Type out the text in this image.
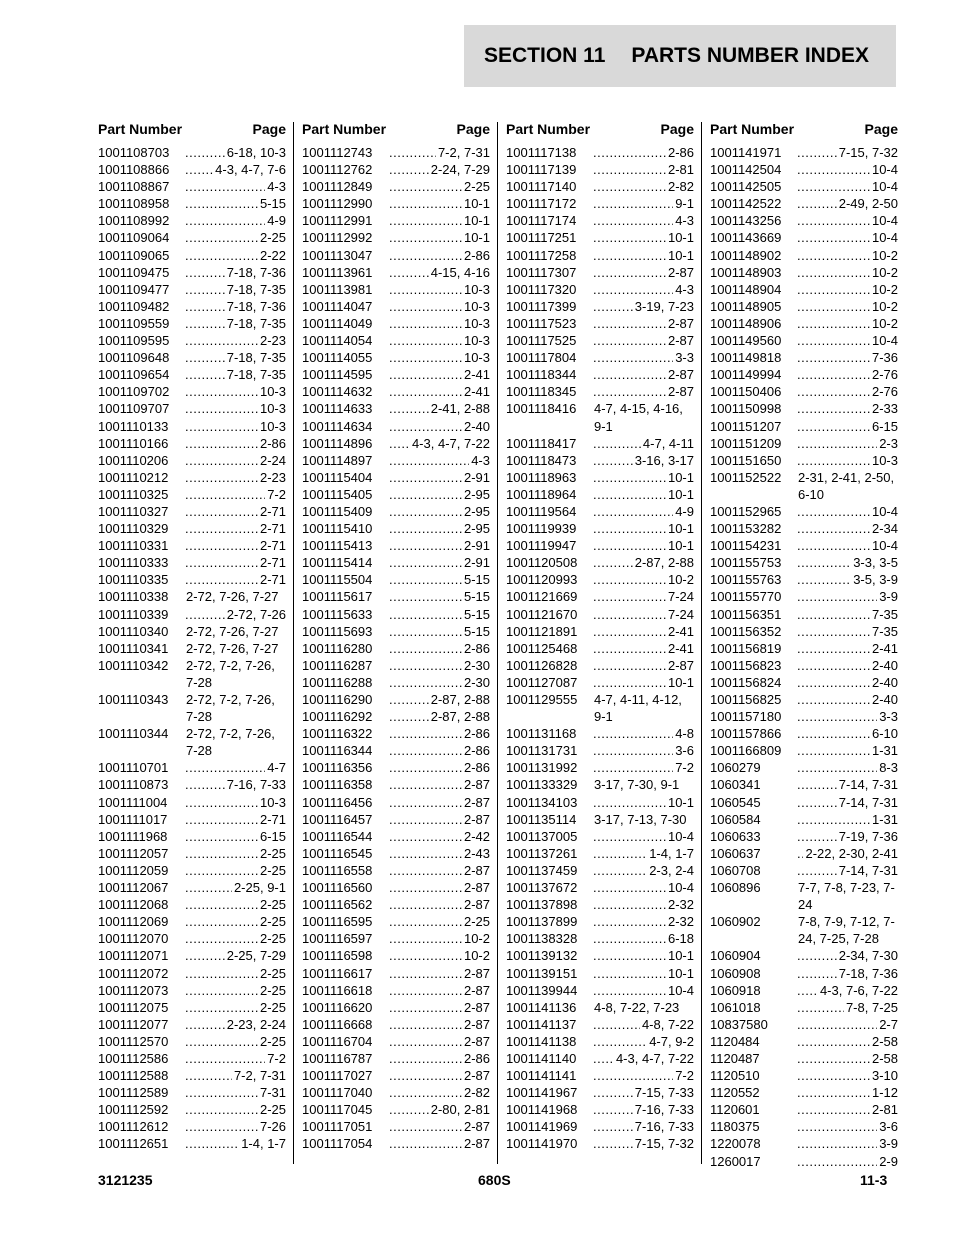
SECTION 11 PARTS NUMBER INDEX
Part Number	Page
1001108703	..... 6-18, 10-3
1001108866	..... 4-3, 4-7, 7-6
1001108867	..... 4-3
1001108958	..... 5-15
1001108992	..... 4-9
1001109064	..... 2-25
1001109065	..... 2-22
1001109475	..... 7-18, 7-36
1001109477	..... 7-18, 7-35
1001109482	..... 7-18, 7-36
1001109559	..... 7-18, 7-35
1001109595	..... 2-23
1001109648	..... 7-18, 7-35
1001109654	..... 7-18, 7-35
1001109702	..... 10-3
1001109707	..... 10-3
1001110133	..... 10-3
1001110166	..... 2-86
1001110206	..... 2-24
1001110212	..... 2-23
1001110325	..... 7-2
1001110327	..... 2-71
1001110329	..... 2-71
1001110331	..... 2-71
1001110333	..... 2-71
1001110335	..... 2-71
1001110338	2-72, 7-26, 7-27
1001110339	..... 2-72, 7-26
1001110340	2-72, 7-26, 7-27
1001110341	2-72, 7-26, 7-27
1001110342	2-72, 7-2, 7-26, 7-28
1001110343	2-72, 7-2, 7-26, 7-28
1001110344	2-72, 7-2, 7-26, 7-28
1001110701	..... 4-7
1001110873	..... 7-16, 7-33
1001111004	..... 10-3
1001111017	..... 2-71
1001111968	..... 6-15
1001112057	..... 2-25
1001112059	..... 2-25
1001112067	..... 2-25, 9-1
1001112068	..... 2-25
1001112069	..... 2-25
1001112070	..... 2-25
1001112071	..... 2-25, 7-29
1001112072	..... 2-25
1001112073	..... 2-25
1001112075	..... 2-25
1001112077	..... 2-23, 2-24
1001112570	..... 2-25
1001112586	..... 7-2
1001112588	..... 7-2, 7-31
1001112589	..... 7-31
1001112592	..... 2-25
1001112612	..... 7-26
1001112651	..... 1-4, 1-7
Part Number	Page
1001112743	..... 7-2, 7-31
1001112762	..... 2-24, 7-29
1001112849	..... 2-25
1001112990	..... 10-1
1001112991	..... 10-1
1001112992	..... 10-1
1001113047	..... 2-86
1001113961	..... 4-15, 4-16
1001113981	..... 10-3
1001114047	..... 10-3
1001114049	..... 10-3
1001114054	..... 10-3
1001114055	..... 10-3
1001114595	..... 2-41
1001114632	..... 2-41
1001114633	..... 2-41, 2-88
1001114634	..... 2-40
1001114896	..... 4-3, 4-7, 7-22
1001114897	..... 4-3
1001115404	..... 2-91
1001115405	..... 2-95
1001115409	..... 2-95
1001115410	..... 2-95
1001115413	..... 2-91
1001115414	..... 2-91
1001115504	..... 5-15
1001115617	..... 5-15
1001115633	..... 5-15
1001115693	..... 5-15
1001116280	..... 2-86
1001116287	..... 2-30
1001116288	..... 2-30
1001116290	..... 2-87, 2-88
1001116292	..... 2-87, 2-88
1001116322	..... 2-86
1001116344	..... 2-86
1001116356	..... 2-86
1001116358	..... 2-87
1001116456	..... 2-87
1001116457	..... 2-87
1001116544	..... 2-42
1001116545	..... 2-43
1001116558	..... 2-87
1001116560	..... 2-87
1001116562	..... 2-87
1001116595	..... 2-25
1001116597	..... 10-2
1001116598	..... 10-2
1001116617	..... 2-87
1001116618	..... 2-87
1001116620	..... 2-87
1001116668	..... 2-87
1001116704	..... 2-87
1001116787	..... 2-86
1001117027	..... 2-87
1001117040	..... 2-82
1001117045	..... 2-80, 2-81
1001117051	..... 2-87
1001117054	..... 2-87
Part Number	Page
1001117138	..... 2-86
1001117139	..... 2-81
1001117140	..... 2-82
1001117172	..... 9-1
1001117174	..... 4-3
1001117251	..... 10-1
1001117258	..... 10-1
1001117307	..... 2-87
1001117320	..... 4-3
1001117399	..... 3-19, 7-23
1001117523	..... 2-87
1001117525	..... 2-87
1001117804	..... 3-3
1001118344	..... 2-87
1001118345	..... 2-87
1001118416	4-7, 4-15, 4-16, 9-1
1001118417	..... 4-7, 4-11
1001118473	..... 3-16, 3-17
1001118963	..... 10-1
1001118964	..... 10-1
1001119564	..... 4-9
1001119939	..... 10-1
1001119947	..... 10-1
1001120508	..... 2-87, 2-88
1001120993	..... 10-2
1001121669	..... 7-24
1001121670	..... 7-24
1001121891	..... 2-41
1001125468	..... 2-41
1001126828	..... 2-87
1001127087	..... 10-1
1001129555	4-7, 4-11, 4-12, 9-1
1001131168	..... 4-8
1001131731	..... 3-6
1001131992	..... 7-2
1001133329	3-17, 7-30, 9-1
1001134103	..... 10-1
1001135114	3-17, 7-13, 7-30
1001137005	..... 10-4
1001137261	..... 1-4, 1-7
1001137459	..... 2-3, 2-4
1001137672	..... 10-4
1001137898	..... 2-32
1001137899	..... 2-32
1001138328	..... 6-18
1001139132	..... 10-1
1001139151	..... 10-1
1001139944	..... 10-4
1001141136	4-8, 7-22, 7-23
1001141137	..... 4-8, 7-22
1001141138	..... 4-7, 9-2
1001141140	..... 4-3, 4-7, 7-22
1001141141	..... 7-2
1001141967	..... 7-15, 7-33
1001141968	..... 7-16, 7-33
1001141969	..... 7-16, 7-33
1001141970	..... 7-15, 7-32
Part Number	Page
1001141971	..... 7-15, 7-32
1001142504	..... 10-4
1001142505	..... 10-4
1001142522	..... 2-49, 2-50
1001143256	..... 10-4
1001143669	..... 10-4
1001148902	..... 10-2
1001148903	..... 10-2
1001148904	..... 10-2
1001148905	..... 10-2
1001148906	..... 10-2
1001149560	..... 10-4
1001149818	..... 7-36
1001149994	..... 2-76
1001150406	..... 2-76
1001150998	..... 2-33
1001151207	..... 6-15
1001151209	..... 2-3
1001151650	..... 10-3
1001152522	2-31, 2-41, 2-50, 6-10
1001152965	..... 10-4
1001153282	..... 2-34
1001154231	..... 10-4
1001155753	..... 3-3, 3-5
1001155763	..... 3-5, 3-9
1001155770	..... 3-9
1001156351	..... 7-35
1001156352	..... 7-35
1001156819	..... 2-41
1001156823	..... 2-40
1001156824	..... 2-40
1001156825	..... 2-40
1001157180	..... 3-3
1001157866	..... 6-10
1001166809	..... 1-31
1060279	..... 8-3
1060341	..... 7-14, 7-31
1060545	..... 7-14, 7-31
1060584	..... 1-31
1060633	..... 7-19, 7-36
1060637	..... 2-22, 2-30, 2-41
1060708	..... 7-14, 7-31
1060896	7-7, 7-8, 7-23, 7-24
1060902	7-8, 7-9, 7-12, 7-24, 7-25, 7-28
1060904	..... 2-34, 7-30
1060908	..... 7-18, 7-36
1060918	..... 4-3, 7-6, 7-22
1061018	..... 7-8, 7-25
10837580	..... 2-7
1120484	..... 2-58
1120487	..... 2-58
1120510	..... 3-10
1120552	..... 1-12
1120601	..... 2-81
1180375	..... 3-6
1220078	..... 3-9
1260017	..... 2-9
3121235	680S	11-3
